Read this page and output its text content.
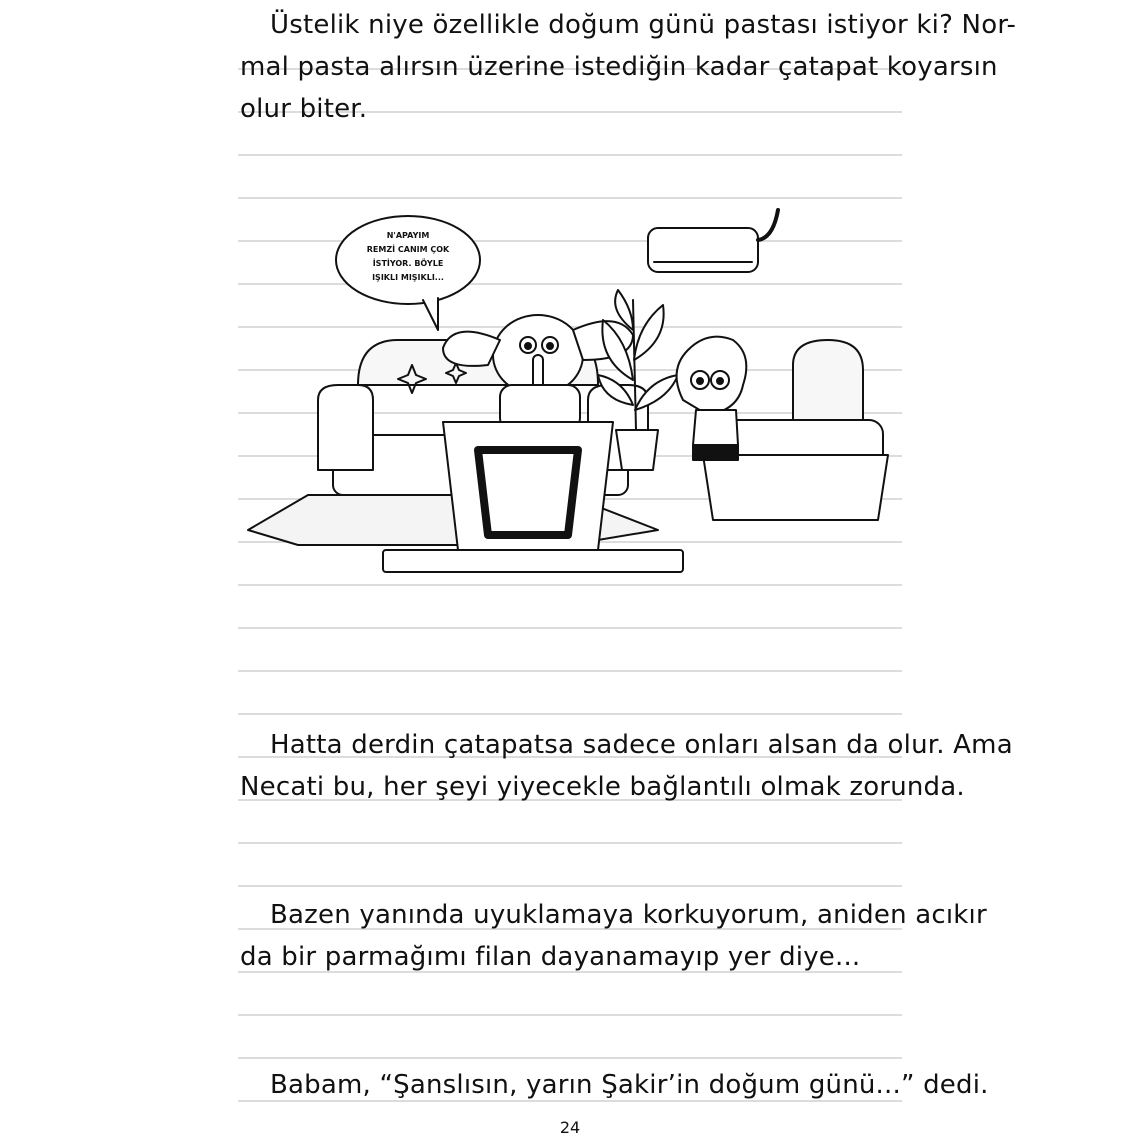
Üstelik niye özellikle doğum günü pastası istiyor ki? Nor-
mal pasta alırsın üzerine istediğin kadar çatapat koyarsın
olur biter.

N'APAYIM
REMZİ CANIM ÇOK
İSTİYOR. BÖYLE
IŞIKLI MIŞIKLI...

Hatta derdin çatapatsa sadece onları alsan da olur. Ama
Necati bu, her şeyi yiyecekle bağlantılı olmak zorunda.

Bazen yanında uyuklamaya korkuyorum, aniden acıkır
da bir parmağımı filan dayanamayıp yer diye...

Babam, “Şanslısın, yarın Şakir’in doğum günü...” dedi.

24
